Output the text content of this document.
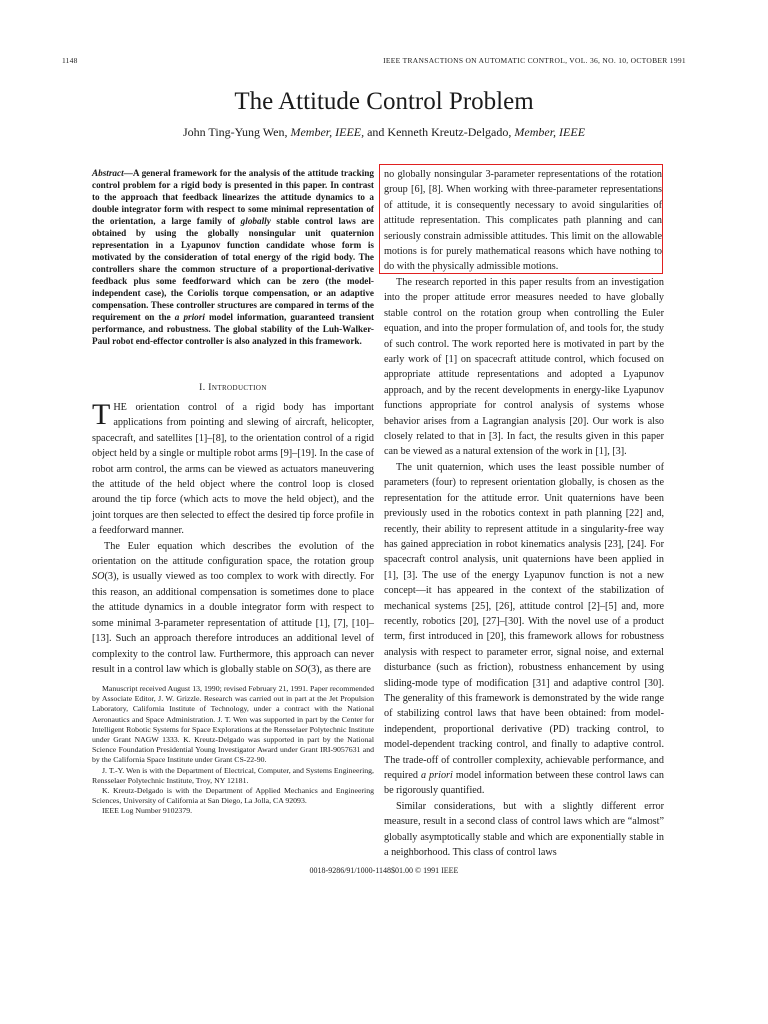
1148	IEEE TRANSACTIONS ON AUTOMATIC CONTROL, VOL. 36, NO. 10, OCTOBER 1991
The Attitude Control Problem
John Ting-Yung Wen, Member, IEEE, and Kenneth Kreutz-Delgado, Member, IEEE
Abstract—A general framework for the analysis of the attitude tracking control problem for a rigid body is presented in this paper. In contrast to the approach that feedback linearizes the attitude dynamics to a double integrator form with respect to some minimal representation of the orientation, a large family of globally stable control laws are obtained by using the globally nonsingular unit quaternion representation in a Lyapunov function candidate whose form is motivated by the consideration of total energy of the rigid body. The controllers share the common structure of a proportional-derivative feedback plus some feedforward which can be zero (the model-independent case), the Coriolis torque compensation, or an adaptive compensation. These controller structures are compared in terms of the requirement on the a priori model information, guaranteed transient performance, and robustness. The global stability of the Luh-Walker-Paul robot end-effector controller is also analyzed in this framework.
I. Introduction

THE orientation control of a rigid body has important applications from pointing and slewing of aircraft, helicopter, spacecraft, and satellites [1]–[8], to the orientation control of a rigid object held by a single or multiple robot arms [9]–[19]. In the case of robot arm control, the arms can be viewed as actuators maneuvering the attitude of the held object where the control loop is closed around the tip force (which acts to move the held object), and the joint torques are then selected to effect the desired tip force profile in a feedforward manner.

The Euler equation which describes the evolution of the orientation on the attitude configuration space, the rotation group SO(3), is usually viewed as too complex to work with directly. For this reason, an additional compensation is sometimes done to place the attitude dynamics in a double integrator form with respect to some minimal 3-parameter representation of attitude [1], [7], [10]–[13]. Such an approach therefore introduces an additional level of complexity to the control law. Furthermore, this approach can never result in a control law which is globally stable on SO(3), as there are

Manuscript received August 13, 1990; revised February 21, 1991. Paper recommended by Associate Editor, J. W. Grizzle. Research was carried out in part at the Jet Propulsion Laboratory, California Institute of Technology, under a contract with the National Aeronautics and Space Administration. J. T. Wen was supported in part by the Center for Intelligent Robotic Systems for Space Explorations at the Rensselaer Polytechnic Institute under Grant NAGW 1333. K. Kreutz-Delgado was supported in part by the National Science Foundation Presidential Young Investigator Award under Grant IRI-9057631 and by the California Space Institute under Grant CS-22-90.

J. T.-Y. Wen is with the Department of Electrical, Computer, and Systems Engineering, Rensselaer Polytechnic Institute, Troy, NY 12181.

K. Kreutz-Delgado is with the Department of Applied Mechanics and Engineering Sciences, University of California at San Diego, La Jolla, CA 92093.

IEEE Log Number 9102379.

no globally nonsingular 3-parameter representations of the rotation group [6], [8]. When working with three-parameter representations of attitude, it is consequently necessary to avoid singularities of attitude representation. This complicates path planning and can seriously constrain admissible attitudes. This limit on the allowable motions is for purely mathematical reasons which have nothing to do with the physically admissible motions.

The research reported in this paper results from an investigation into the proper attitude error measures needed to have globally stable control on the rotation group when controlling the Euler equation, and into the proper formulation of, and tools for, the study of such control. The work reported here is motivated in part by the early work of [1] on spacecraft attitude control, which focused on appropriate attitude representations and adopted a Lyapunov approach, and by the recent developments in energy-like Lyapunov functions appropriate for control analysis of systems whose behavior arises from a Lagrangian analysis [20]. Our work is also closely related to that in [3]. In fact, the results given in this paper can be viewed as a natural extension of the work in [1], [3].

The unit quaternion, which uses the least possible number of parameters (four) to represent orientation globally, is chosen as the representation for the attitude error. Unit quaternions have been previously used in the robotics context in path planning [22] and, recently, their ability to represent attitude in a singularity-free way has gained appreciation in robot kinematics analysis [23], [24]. For spacecraft control analysis, unit quaternions have been applied in [1], [3]. The use of the energy Lyapunov function is not a new concept—it has appeared in the context of the stabilization of mechanical systems [25], [26], attitude control [2]–[5] and, more recently, robotics [20], [27]–[30]. With the novel use of a product term, first introduced in [20], this framework allows for robustness analysis with respect to parameter error, signal noise, and external disturbance (such as friction), robustness enhancement by using sliding-mode type of modification [31] and adaptive control [30]. The generality of this framework is demonstrated by the wide range of stabilizing control laws that have been obtained: from model-independent, proportional derivative (PD) tracking control, to model-dependent tracking control, and finally to adaptive control. The trade-off of controller complexity, achievable performance, and required a priori model information between these control laws can be rigorously quantified.

Similar considerations, but with a slightly different error measure, result in a second class of control laws which are “almost” globally asymptotically stable and which are exponentially stable in a neighborhood. This class of control laws

0018-9286/91/1000-1148$01.00 © 1991 IEEE
